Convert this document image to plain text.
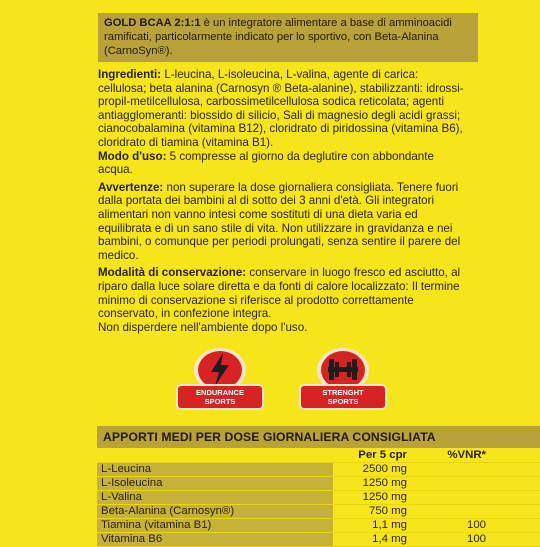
GOLD BCAA 2:1:1 è un integratore alimentare a base di amminoacidi ramificati, particolarmente indicato per lo sportivo, con Beta-Alanina (CarnoSyn®).

Ingredienti: L-leucina, L-isoleucina, L-valina, agente di carica: cellulosa; beta alanina (Carnosyn ® Beta-alanine), stabilizzanti: idrossi-propil-metilcellulosa, carbossimetilcellulosa sodica reticolata; agenti antiagglomeranti: biossido di silicio, Sali di magnesio degli acidi grassi; cianocobalamina (vitamina B12), cloridrato di piridossina (vitamina B6), cloridrato di tiamina (vitamina B1).

Modo d'uso: 5 compresse al giorno da deglutire con abbondante acqua.

Avvertenze: non superare la dose giornaliera consigliata. Tenere fuori dalla portata dei bambini al di sotto dei 3 anni d'età. Gli integratori alimentari non vanno intesi come sostituti di una dieta varia ed equilibrata e di un sano stile di vita. Non utilizzare in gravidanza e nei bambini, o comunque per periodi prolungati, senza sentire il parere del medico.

Modalità di conservazione: conservare in luogo fresco ed asciutto, al riparo dalla luce solare diretta e da fonti di calore localizzato: Il termine minimo di conservazione si riferisce al prodotto correttamente conservato, in confezione integra.

Non disperdere nell'ambiente dopo l'uso.

ENDURANCE
SPORTS
STRENGHT
SPORTS
APPORTI MEDI PER DOSE GIORNALIERA CONSIGLIATA
	Per 5 cpr	%VNR*
L-Leucina	2500 mg	
L-Isoleucina	1250 mg	
L-Valina	1250 mg	
Beta-Alanina (Carnosyn®)	750 mg	
Tiamina (vitamina B1)	1,1 mg	100
Vitamina B6	1,4 mg	100
